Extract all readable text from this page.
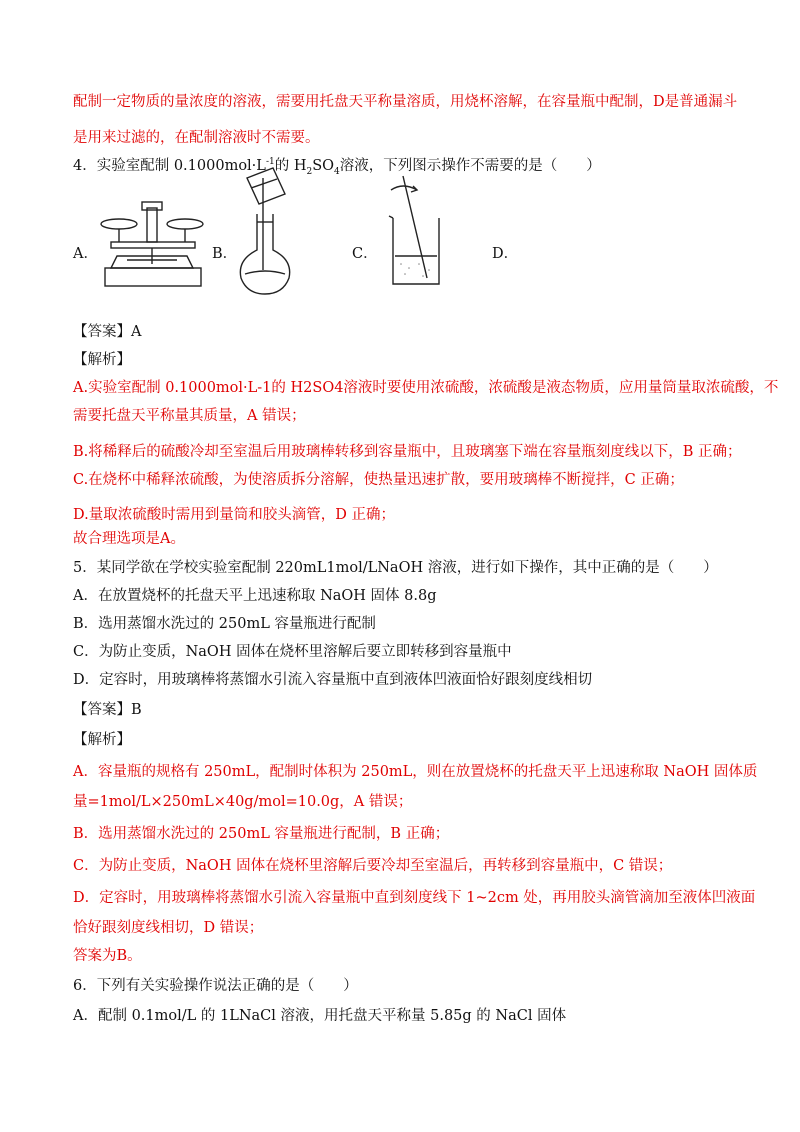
配制一定物质的量浓度的溶液，需要用托盘天平称量溶质，用烧杯溶解，在容量瓶中配制，D是普通漏斗
是用来过滤的，在配制溶液时不需要。
4．实验室配制 $0.1000mol\cdot L^{-1}$的 $H_2SO_4$溶液，下列图示操作不需要的是（　　）
A．	B．	C．	D．
【答案】A
【解析】
A.实验室配制 0.1000mol·L-1的 H2SO4溶液时要使用浓硫酸，浓硫酸是液态物质，应用量筒量取浓硫酸，不
需要托盘天平称量其质量，A 错误；
B.将稀释后的硫酸冷却至室温后用玻璃棒转移到容量瓶中，且玻璃塞下端在容量瓶刻度线以下，B 正确；
C.在烧杯中稀释浓硫酸，为使溶质拆分溶解，使热量迅速扩散，要用玻璃棒不断搅拌，C 正确；
D.量取浓硫酸时需用到量筒和胶头滴管，D 正确；
故合理选项是A。
5．某同学欲在学校实验室配制 220mL1mol/LNaOH 溶液，进行如下操作，其中正确的是（　　）
A．在放置烧杯的托盘天平上迅速称取 NaOH 固体 8.8g
B．选用蒸馏水洗过的 250mL 容量瓶进行配制
C．为防止变质，NaOH 固体在烧杯里溶解后要立即转移到容量瓶中
D．定容时，用玻璃棒将蒸馏水引流入容量瓶中直到液体凹液面恰好跟刻度线相切
【答案】B
【解析】
A．容量瓶的规格有 250mL，配制时体积为 250mL，则在放置烧杯的托盘天平上迅速称取 NaOH 固体质
量=1mol/L×250mL×40g/mol=10.0g，A 错误；
B．选用蒸馏水洗过的 250mL 容量瓶进行配制，B 正确；
C．为防止变质，NaOH 固体在烧杯里溶解后要冷却至室温后，再转移到容量瓶中，C 错误；
D．定容时，用玻璃棒将蒸馏水引流入容量瓶中直到刻度线下 1~2cm 处，再用胶头滴管滴加至液体凹液面
恰好跟刻度线相切，D 错误；
答案为B。
6．下列有关实验操作说法正确的是（　　）
A．配制 0.1mol/L 的 1LNaCl 溶液，用托盘天平称量 5.85g 的 NaCl 固体
